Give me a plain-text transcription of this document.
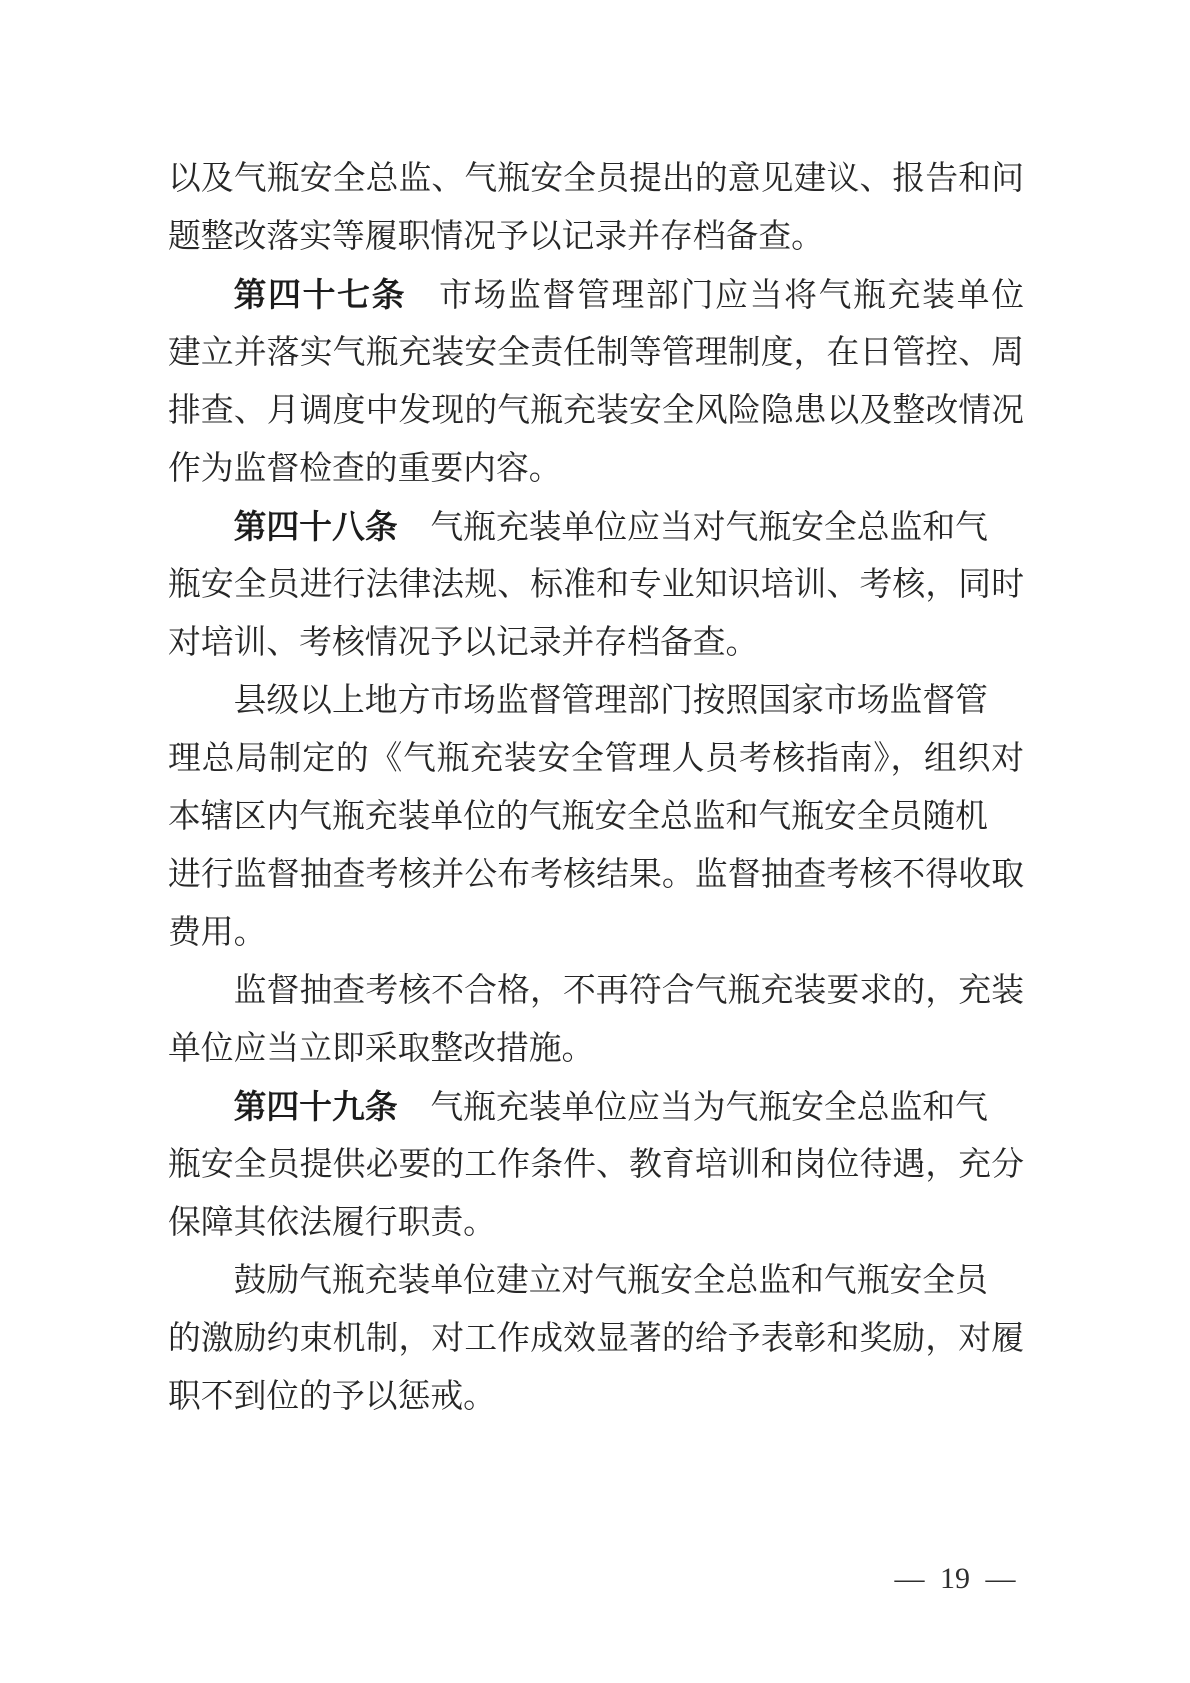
以及气瓶安全总监、气瓶安全员提出的意见建议、报告和问
题整改落实等履职情况予以记录并存档备查。
第四十七条 市场监督管理部门应当将气瓶充装单位
建立并落实气瓶充装安全责任制等管理制度，在日管控、周
排查、月调度中发现的气瓶充装安全风险隐患以及整改情况
作为监督检查的重要内容。
第四十八条 气瓶充装单位应当对气瓶安全总监和气
瓶安全员进行法律法规、标准和专业知识培训、考核，同时
对培训、考核情况予以记录并存档备查。
县级以上地方市场监督管理部门按照国家市场监督管
理总局制定的《气瓶充装安全管理人员考核指南》，组织对
本辖区内气瓶充装单位的气瓶安全总监和气瓶安全员随机
进行监督抽查考核并公布考核结果。监督抽查考核不得收取
费用。
监督抽查考核不合格，不再符合气瓶充装要求的，充装
单位应当立即采取整改措施。
第四十九条 气瓶充装单位应当为气瓶安全总监和气
瓶安全员提供必要的工作条件、教育培训和岗位待遇，充分
保障其依法履行职责。
鼓励气瓶充装单位建立对气瓶安全总监和气瓶安全员
的激励约束机制，对工作成效显著的给予表彰和奖励，对履
职不到位的予以惩戒。
— 19 —
